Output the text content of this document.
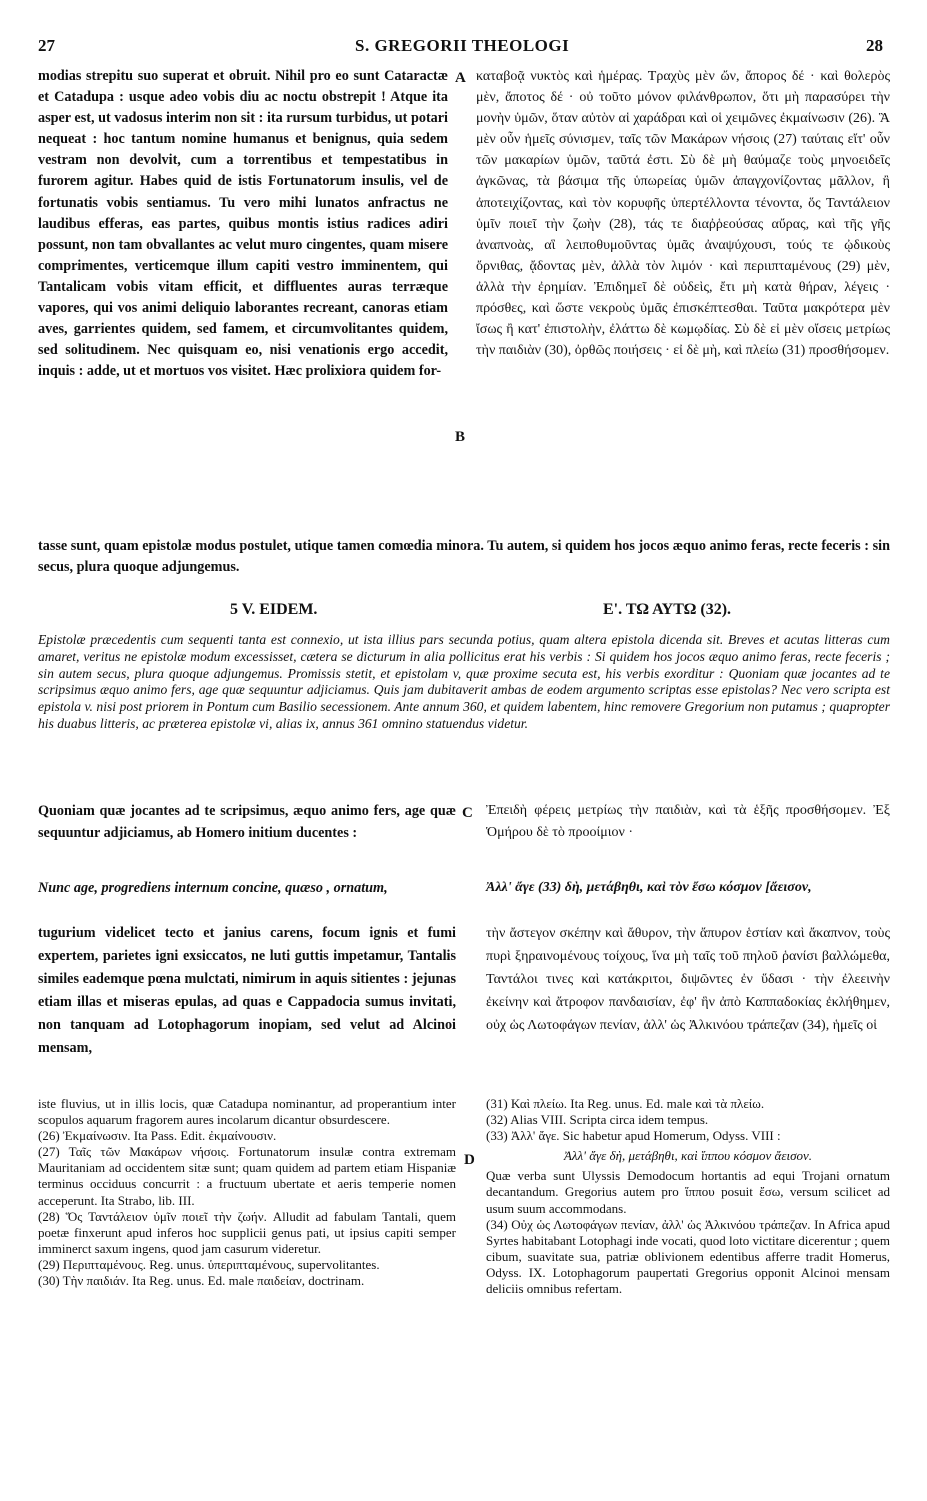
27	S. GREGORII THEOLOGI	28

modias strepitu suo superat et obruit. Nihil pro eo sunt Cataractæ et Catadupa : usque adeo vobis diu ac noctu obstrepit ! Atque ita asper est, ut vadosus interim non sit : ita rursum turbidus, ut potari nequeat : hoc tantum nomine humanus et benignus, quia sedem vestram non devolvit, cum a torrentibus et tempestatibus in furorem agitur. Habes quid de istis Fortunatorum insulis, vel de fortunatis vobis sentiamus. Tu vero mihi lunatos anfractus ne laudibus efferas, eas partes, quibus montis istius radices adiri possunt, non tam obvallantes ac velut muro cingentes, quam misere comprimentes, verticemque illum capiti vestro imminentem, qui Tantalicam vobis vitam efficit, et diffluentes auras terræque vapores, qui vos animi deliquio laborantes recreant, canoras etiam aves, garrientes quidem, sed famem, et circumvolitantes quidem, sed solitudinem. Nec quisquam eo, nisi venationis ergo accedit, inquis : adde, ut et mortuos vos visitet. Hæc prolixiora quidem for-

A
B

καταβοᾷ νυκτὸς καὶ ἡμέρας. Τραχὺς μὲν ὤν, ἄπορος δέ · καὶ θολερὸς μὲν, ἄποτος δέ · οὐ τοῦτο μόνον φιλάνθρωπον, ὅτι μὴ παρασύρει τὴν μονὴν ὑμῶν, ὅταν αὐτὸν αἱ χαράδραι καὶ οἱ χειμῶνες ἐκμαίνωσιν (26). Ἃ μὲν οὖν ἡμεῖς σύνισμεν, ταῖς τῶν Μακάρων νήσοις (27) ταύταις εἴτ' οὖν τῶν μακαρίων ὑμῶν, ταῦτά ἐστι. Σὺ δὲ μὴ θαύμαζε τοὺς μηνοειδεῖς ἀγκῶνας, τὰ βάσιμα τῆς ὑπωρείας ὑμῶν ἀπαγχονίζοντας μᾶλλον, ἢ ἀποτειχίζοντας, καὶ τὸν κορυφῆς ὑπερτέλλοντα τένοντα, ὅς Ταντάλειον ὑμῖν ποιεῖ τὴν ζωὴν (28), τάς τε διαῤῥεούσας αὔρας, καὶ τῆς γῆς ἀναπνοὰς, αἳ λειποθυμοῦντας ὑμᾶς ἀναψύχουσι, τούς τε ᾠδικοὺς ὄρνιθας, ᾄδοντας μὲν, ἀλλὰ τὸν λιμόν · καὶ περιιπταμένους (29) μὲν, ἀλλὰ τὴν ἐρημίαν. Ἐπιδημεῖ δὲ οὐδεὶς, ἔτι μὴ κατὰ θήραν, λέγεις · πρόσθες, καὶ ὥστε νεκροὺς ὑμᾶς ἐπισκέπτεσθαι. Ταῦτα μακρότερα μὲν ἴσως ἢ κατ' ἐπιστολὴν, ἐλάττω δὲ κωμῳδίας. Σὺ δὲ εἰ μὲν οἴσεις μετρίως τὴν παιδιὰν (30), ὀρθῶς ποιήσεις · εἰ δὲ μὴ, καὶ πλείω (31) προσθήσομεν.

tasse sunt, quam epistolæ modus postulet, utique tamen comœdia minora. Tu autem, si quidem hos jocos æquo animo feras, recte feceris : sin secus, plura quoque adjungemus.
5 V. EIDEM.	Ε'. ΤΩ ΑΥΤΩ (32).
Epistolæ præcedentis cum sequenti tanta est connexio, ut ista illius pars secunda potius, quam altera epistola dicenda sit. Breves et acutas litteras cum amaret, veritus ne epistolæ modum excessisset, cætera se dicturum in alia pollicitus erat his verbis : Si quidem hos jocos æquo animo feras, recte feceris ; sin autem secus, plura quoque adjungemus. Promissis stetit, et epistolam v, quæ proxime secuta est, his verbis exorditur : Quoniam quæ jocantes ad te scripsimus æquo animo fers, age quæ sequuntur adjiciamus. Quis jam dubitaverit ambas de eodem argumento scriptas esse epistolas? Nec vero scripta est epistola v. nisi post priorem in Pontum cum Basilio secessionem. Ante annum 360, et quidem labentem, hinc removere Gregorium non putamus ; quapropter his duabus litteris, ac præterea epistolæ vi, alias ix, annus 361 omnino statuendus videtur.
Quoniam quæ jocantes ad te scripsimus, æquo animo fers, age quæ sequuntur adjiciamus, ab Homero initium ducentes :
C Ἐπειδὴ φέρεις μετρίως τὴν παιδιὰν, καὶ τὰ ἑξῆς προσθήσομεν. Ἐξ Ὁμήρου δὲ τὸ προοίμιον ·
Nunc age, progrediens internum concine, quæso , ornatum,	Ἀλλ' ἄγε (33) δὴ, μετάβηθι, καὶ τὸν ἔσω κόσμον [ἄεισον,
tugurium videlicet tecto et janius carens, focum ignis et fumi expertem, parietes igni exsiccatos, ne luti guttis impetamur, Tantalis similes eademque pœna mulctati, nimirum in aquis sitientes : jejunas etiam illas et miseras epulas, ad quas e Cappadocia sumus invitati, non tanquam ad Lotophagorum inopiam, sed velut ad Alcinoi mensam,
τὴν ἄστεγον σκέπην καὶ ἄθυρον, τὴν ἄπυρον ἑστίαν καὶ ἄκαπνον, τοὺς πυρὶ ξηραινομένους τοίχους, ἵνα μὴ ταῖς τοῦ πηλοῦ ῥανίσι βαλλώμεθα, Ταντάλοι τινες καὶ κατάκριτοι, διψῶντες ἐν ὕδασι · τὴν ἐλεεινὴν ἐκείνην καὶ ἄτροφον πανδαισίαν, ἐφ' ἣν ἀπὸ Καππαδοκίας ἐκλήθημεν, οὐχ ὡς Λωτοφάγων πενίαν, ἀλλ' ὡς Ἀλκινόου τράπεζαν (34), ἡμεῖς οἱ

iste fluvius, ut in illis locis, quæ Catadupa nominantur, ad properantium inter scopulos aquarum fragorem aures incolarum dicantur obsurdescere.

(26) Ἐκμαίνωσιν. Ita Pass. Edit. ἐκμαίνουσιν.

(27) Ταῖς τῶν Μακάρων νήσοις. Fortunatorum insulæ contra extremam Mauritaniam ad occidentem sitæ sunt; quam quidem ad partem etiam Hispaniæ terminus occiduus concurrit : a fructuum ubertate et aeris temperie nomen acceperunt. Ita Strabo, lib. III.

(28) Ὅς Ταντάλειον ὑμῖν ποιεῖ τὴν ζωήν. Alludit ad fabulam Tantali, quem poetæ finxerunt apud inferos hoc supplicii genus pati, ut ipsius capiti semper imminerct saxum ingens, quod jam casurum videretur.

(29) Περιπταμένους. Reg. unus. ὑπεριπταμένους, supervolitantes.

(30) Τὴν παιδιάν. Ita Reg. unus. Ed. male παιδείαν, doctrinam.

D

(31) Καὶ πλείω. Ita Reg. unus. Ed. male καὶ τὰ πλείω.

(32) Alias VIII. Scripta circa idem tempus.

(33) Ἀλλ' ἄγε. Sic habetur apud Homerum, Odyss. VIII :

Ἀλλ' ἄγε δὴ, μετάβηθι, καὶ ἵππου κόσμον ἄεισον.

Quæ verba sunt Ulyssis Demodocum hortantis ad equi Trojani ornatum decantandum. Gregorius autem pro ἵππου posuit ἔσω, versum scilicet ad usum suum accommodans.

(34) Οὐχ ὡς Λωτοφάγων πενίαν, ἀλλ' ὡς Ἀλκινόου τράπεζαν. In Africa apud Syrtes habitabant Lotophagi inde vocati, quod loto victitare dicerentur ; quem cibum, suavitate sua, patriæ oblivionem edentibus afferre tradit Homerus, Odyss. IX. Lotophagorum paupertati Gregorius opponit Alcinoi mensam deliciis omnibus refertam.
